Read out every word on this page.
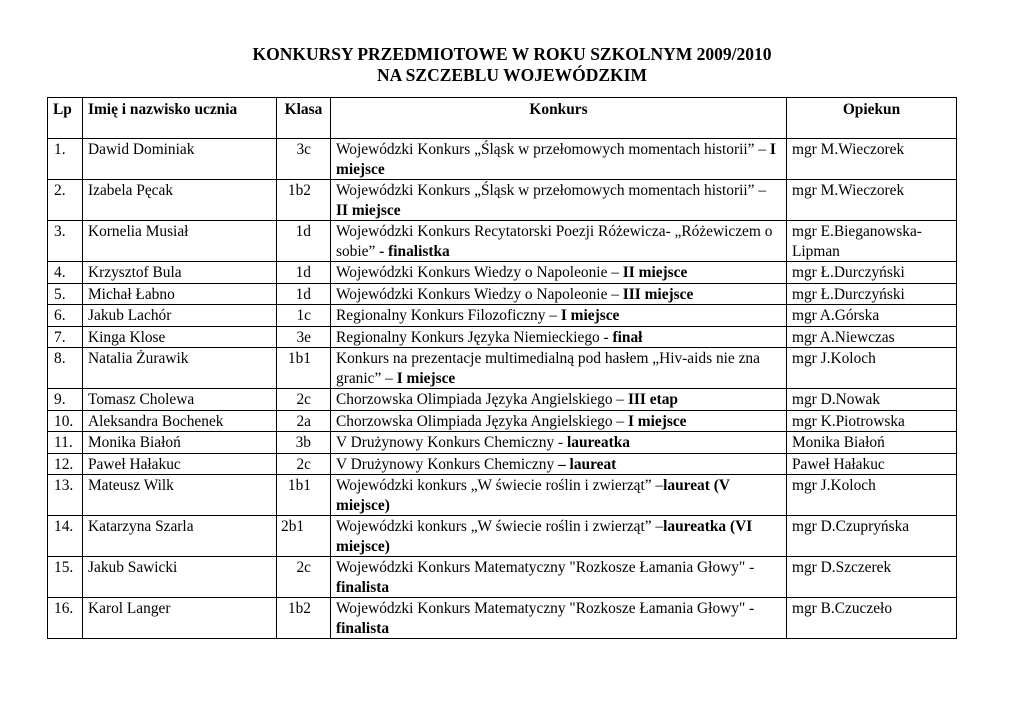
KONKURSY PRZEDMIOTOWE W ROKU SZKOLNYM 2009/2010
NA SZCZEBLU WOJEWÓDZKIM
Lp	Imię i nazwisko ucznia	Klasa	Konkurs	Opiekun
1.	Dawid Dominiak	3c	Wojewódzki Konkurs „Śląsk w przełomowych momentach historii” – I miejsce	mgr M.Wieczorek
2.	Izabela Pęcak	1b2	Wojewódzki Konkurs „Śląsk w przełomowych momentach historii” – II miejsce	mgr M.Wieczorek
3.	Kornelia Musiał	1d	Wojewódzki Konkurs Recytatorski Poezji Różewicza- „Różewiczem o sobie” - finalistka	mgr E.Bieganowska-Lipman
4.	Krzysztof Bula	1d	Wojewódzki Konkurs Wiedzy o Napoleonie – II miejsce	mgr Ł.Durczyński
5.	Michał Łabno	1d	Wojewódzki Konkurs Wiedzy o Napoleonie – III miejsce	mgr Ł.Durczyński
6.	Jakub Lachór	1c	Regionalny Konkurs Filozoficzny – I miejsce	mgr A.Górska
7.	Kinga Klose	3e	Regionalny Konkurs Języka Niemieckiego - finał	mgr A.Niewczas
8.	Natalia Żurawik	1b1	Konkurs na prezentacje multimedialną pod hasłem „Hiv-aids nie zna granic” – I miejsce	mgr J.Koloch
9.	Tomasz Cholewa	2c	Chorzowska Olimpiada Języka Angielskiego – III etap	mgr D.Nowak
10.	Aleksandra Bochenek	2a	Chorzowska Olimpiada Języka Angielskiego – I miejsce	mgr K.Piotrowska
11.	Monika Białoń	3b	V Drużynowy Konkurs Chemiczny - laureatka	Monika Białoń
12.	Paweł Hałakuc	2c	V Drużynowy Konkurs Chemiczny – laureat	Paweł Hałakuc
13.	Mateusz Wilk	1b1	Wojewódzki konkurs „W świecie roślin i zwierząt” –laureat (V miejsce)	mgr J.Koloch
14.	Katarzyna Szarla	2b1	Wojewódzki konkurs „W świecie roślin i zwierząt” –laureatka (VI miejsce)	mgr D.Czupryńska
15.	Jakub Sawicki	2c	Wojewódzki Konkurs Matematyczny "Rozkosze Łamania Głowy" - finalista	mgr D.Szczerek
16.	Karol Langer	1b2	Wojewódzki Konkurs Matematyczny "Rozkosze Łamania Głowy" - finalista	mgr B.Czuczeło
